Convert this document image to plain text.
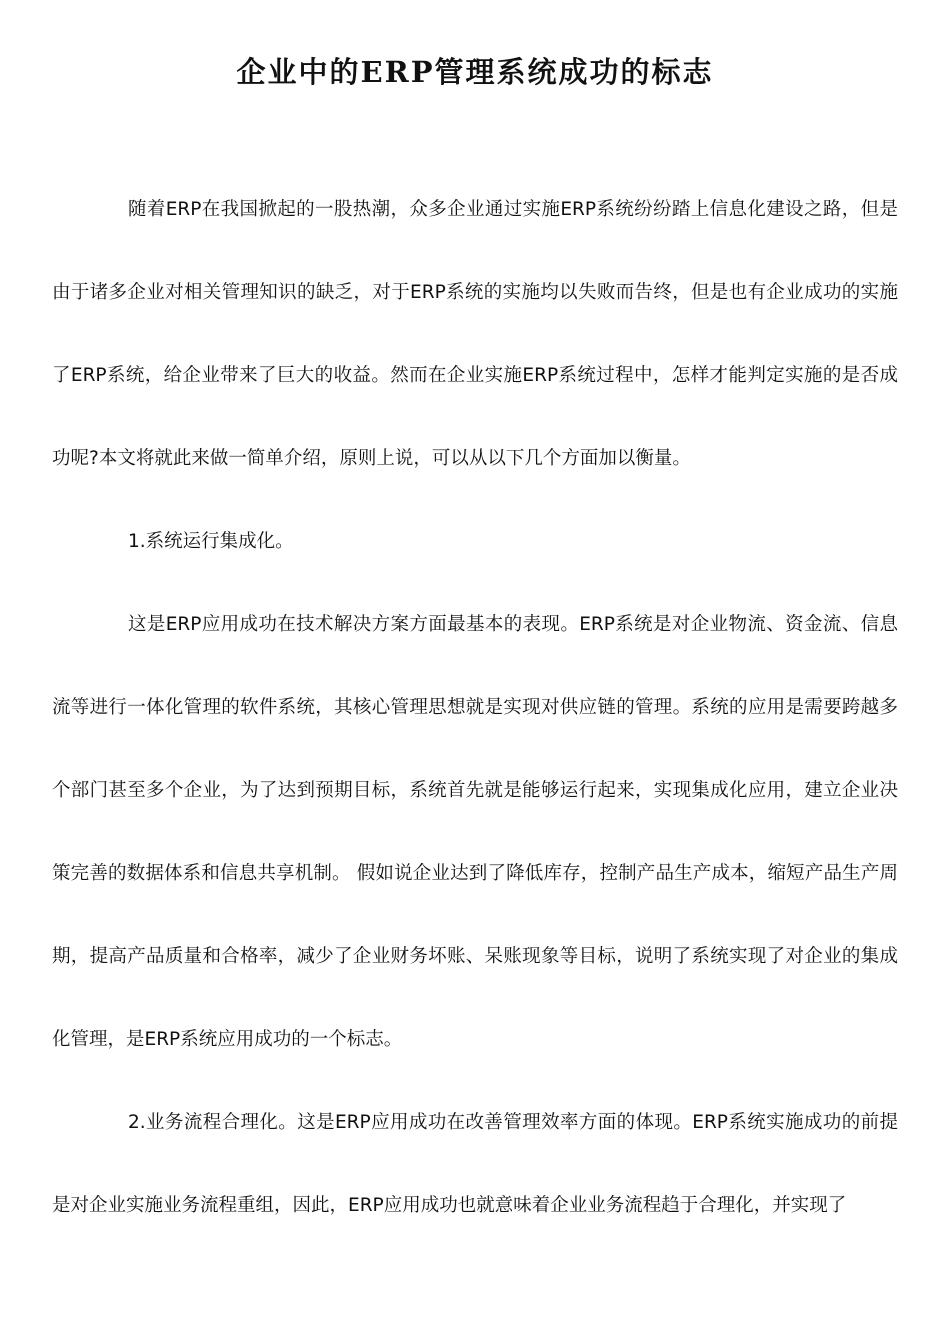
企业中的ERP管理系统成功的标志

随着ERP在我国掀起的一股热潮，众多企业通过实施ERP系统纷纷踏上信息化建设之路，但是由于诸多企业对相关管理知识的缺乏，对于ERP系统的实施均以失败而告终，但是也有企业成功的实施了ERP系统，给企业带来了巨大的收益。然而在企业实施ERP系统过程中，怎样才能判定实施的是否成功呢?本文将就此来做一简单介绍，原则上说，可以从以下几个方面加以衡量。

1.系统运行集成化。

这是ERP应用成功在技术解决方案方面最基本的表现。ERP系统是对企业物流、资金流、信息流等进行一体化管理的软件系统，其核心管理思想就是实现对供应链的管理。系统的应用是需要跨越多个部门甚至多个企业，为了达到预期目标，系统首先就是能够运行起来，实现集成化应用，建立企业决策完善的数据体系和信息共享机制。 假如说企业达到了降低库存，控制产品生产成本，缩短产品生产周期，提高产品质量和合格率，减少了企业财务坏账、呆账现象等目标，说明了系统实现了对企业的集成化管理，是ERP系统应用成功的一个标志。

2.业务流程合理化。这是ERP应用成功在改善管理效率方面的体现。ERP系统实施成功的前提是对企业实施业务流程重组，因此，ERP应用成功也就意味着企业业务流程趋于合理化，并实现了
